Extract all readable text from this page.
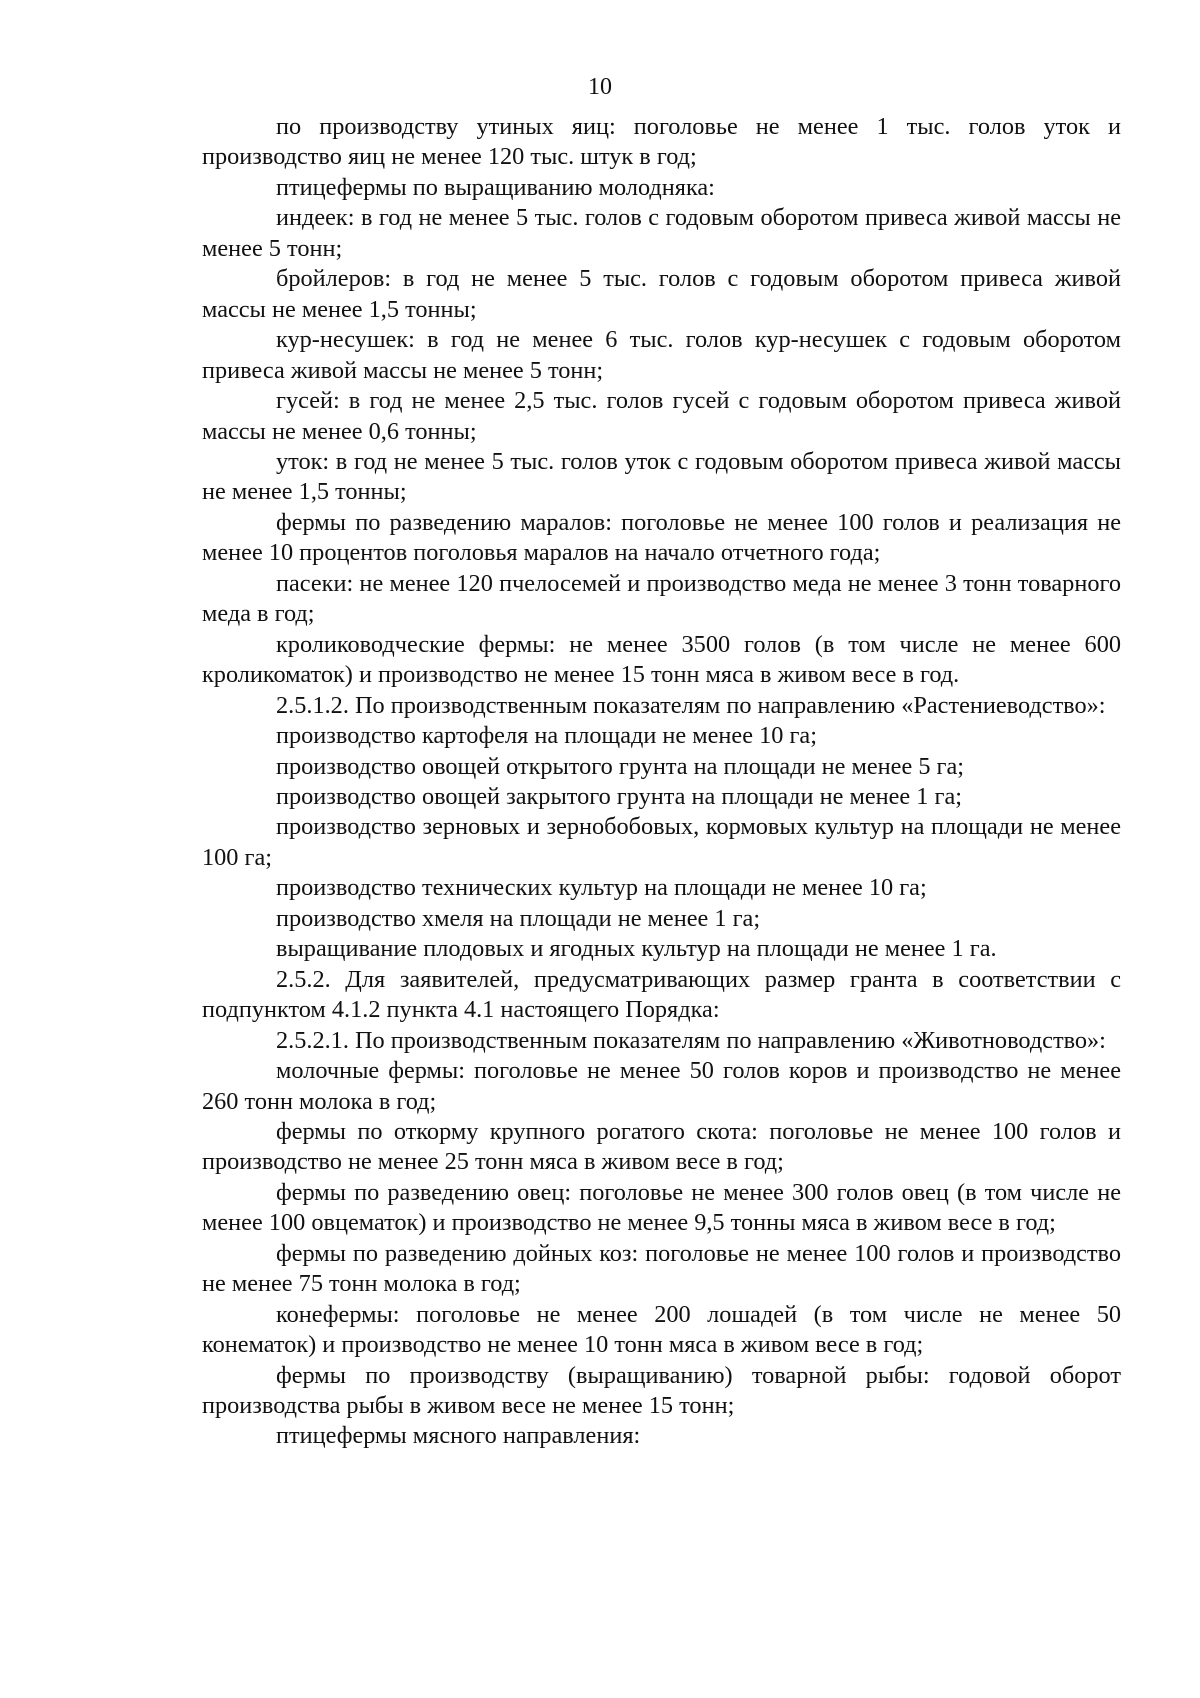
10

по производству утиных яиц: поголовье не менее 1 тыс. голов уток и производство яиц не менее 120 тыс. штук в год;

птицефермы по выращиванию молодняка:

индеек: в год не менее 5 тыс. голов с годовым оборотом привеса живой массы не менее 5 тонн;

бройлеров: в год не менее 5 тыс. голов с годовым оборотом привеса живой массы не менее 1,5 тонны;

кур-несушек: в год не менее 6 тыс. голов кур-несушек с годовым оборотом привеса живой массы не менее 5 тонн;

гусей: в год не менее 2,5 тыс. голов гусей с годовым оборотом привеса живой массы не менее 0,6 тонны;

уток: в год не менее 5 тыс. голов уток с годовым оборотом привеса живой массы не менее 1,5 тонны;

фермы по разведению маралов: поголовье не менее 100 голов и реализация не менее 10 процентов поголовья маралов на начало отчетного года;

пасеки: не менее 120 пчелосемей и производство меда не менее 3 тонн товарного меда в год;

кролиководческие фермы: не менее 3500 голов (в том числе не менее 600 кроликоматок) и производство не менее 15 тонн мяса в живом весе в год.

2.5.1.2. По производственным показателям по направлению «Растениеводство»:

производство картофеля на площади не менее 10 га;

производство овощей открытого грунта на площади не менее 5 га;

производство овощей закрытого грунта на площади не менее 1 га;

производство зерновых и зернобобовых, кормовых культур на площади не менее 100 га;

производство технических культур на площади не менее 10 га;

производство хмеля на площади не менее 1 га;

выращивание плодовых и ягодных культур на площади не менее 1 га.

2.5.2. Для заявителей, предусматривающих размер гранта в соответствии с подпунктом 4.1.2 пункта 4.1 настоящего Порядка:

2.5.2.1. По производственным показателям по направлению «Животноводство»:

молочные фермы: поголовье не менее 50 голов коров и производство не менее 260 тонн молока в год;

фермы по откорму крупного рогатого скота: поголовье не менее 100 голов и производство не менее 25 тонн мяса в живом весе в год;

фермы по разведению овец: поголовье не менее 300 голов овец (в том числе не менее 100 овцематок) и производство не менее 9,5 тонны мяса в живом весе в год;

фермы по разведению дойных коз: поголовье не менее 100 голов и производство не менее 75 тонн молока в год;

конефермы: поголовье не менее 200 лошадей (в том числе не менее 50 конематок) и производство не менее 10 тонн мяса в живом весе в год;

фермы по производству (выращиванию) товарной рыбы: годовой оборот производства рыбы в живом весе не менее 15 тонн;

птицефермы мясного направления:
